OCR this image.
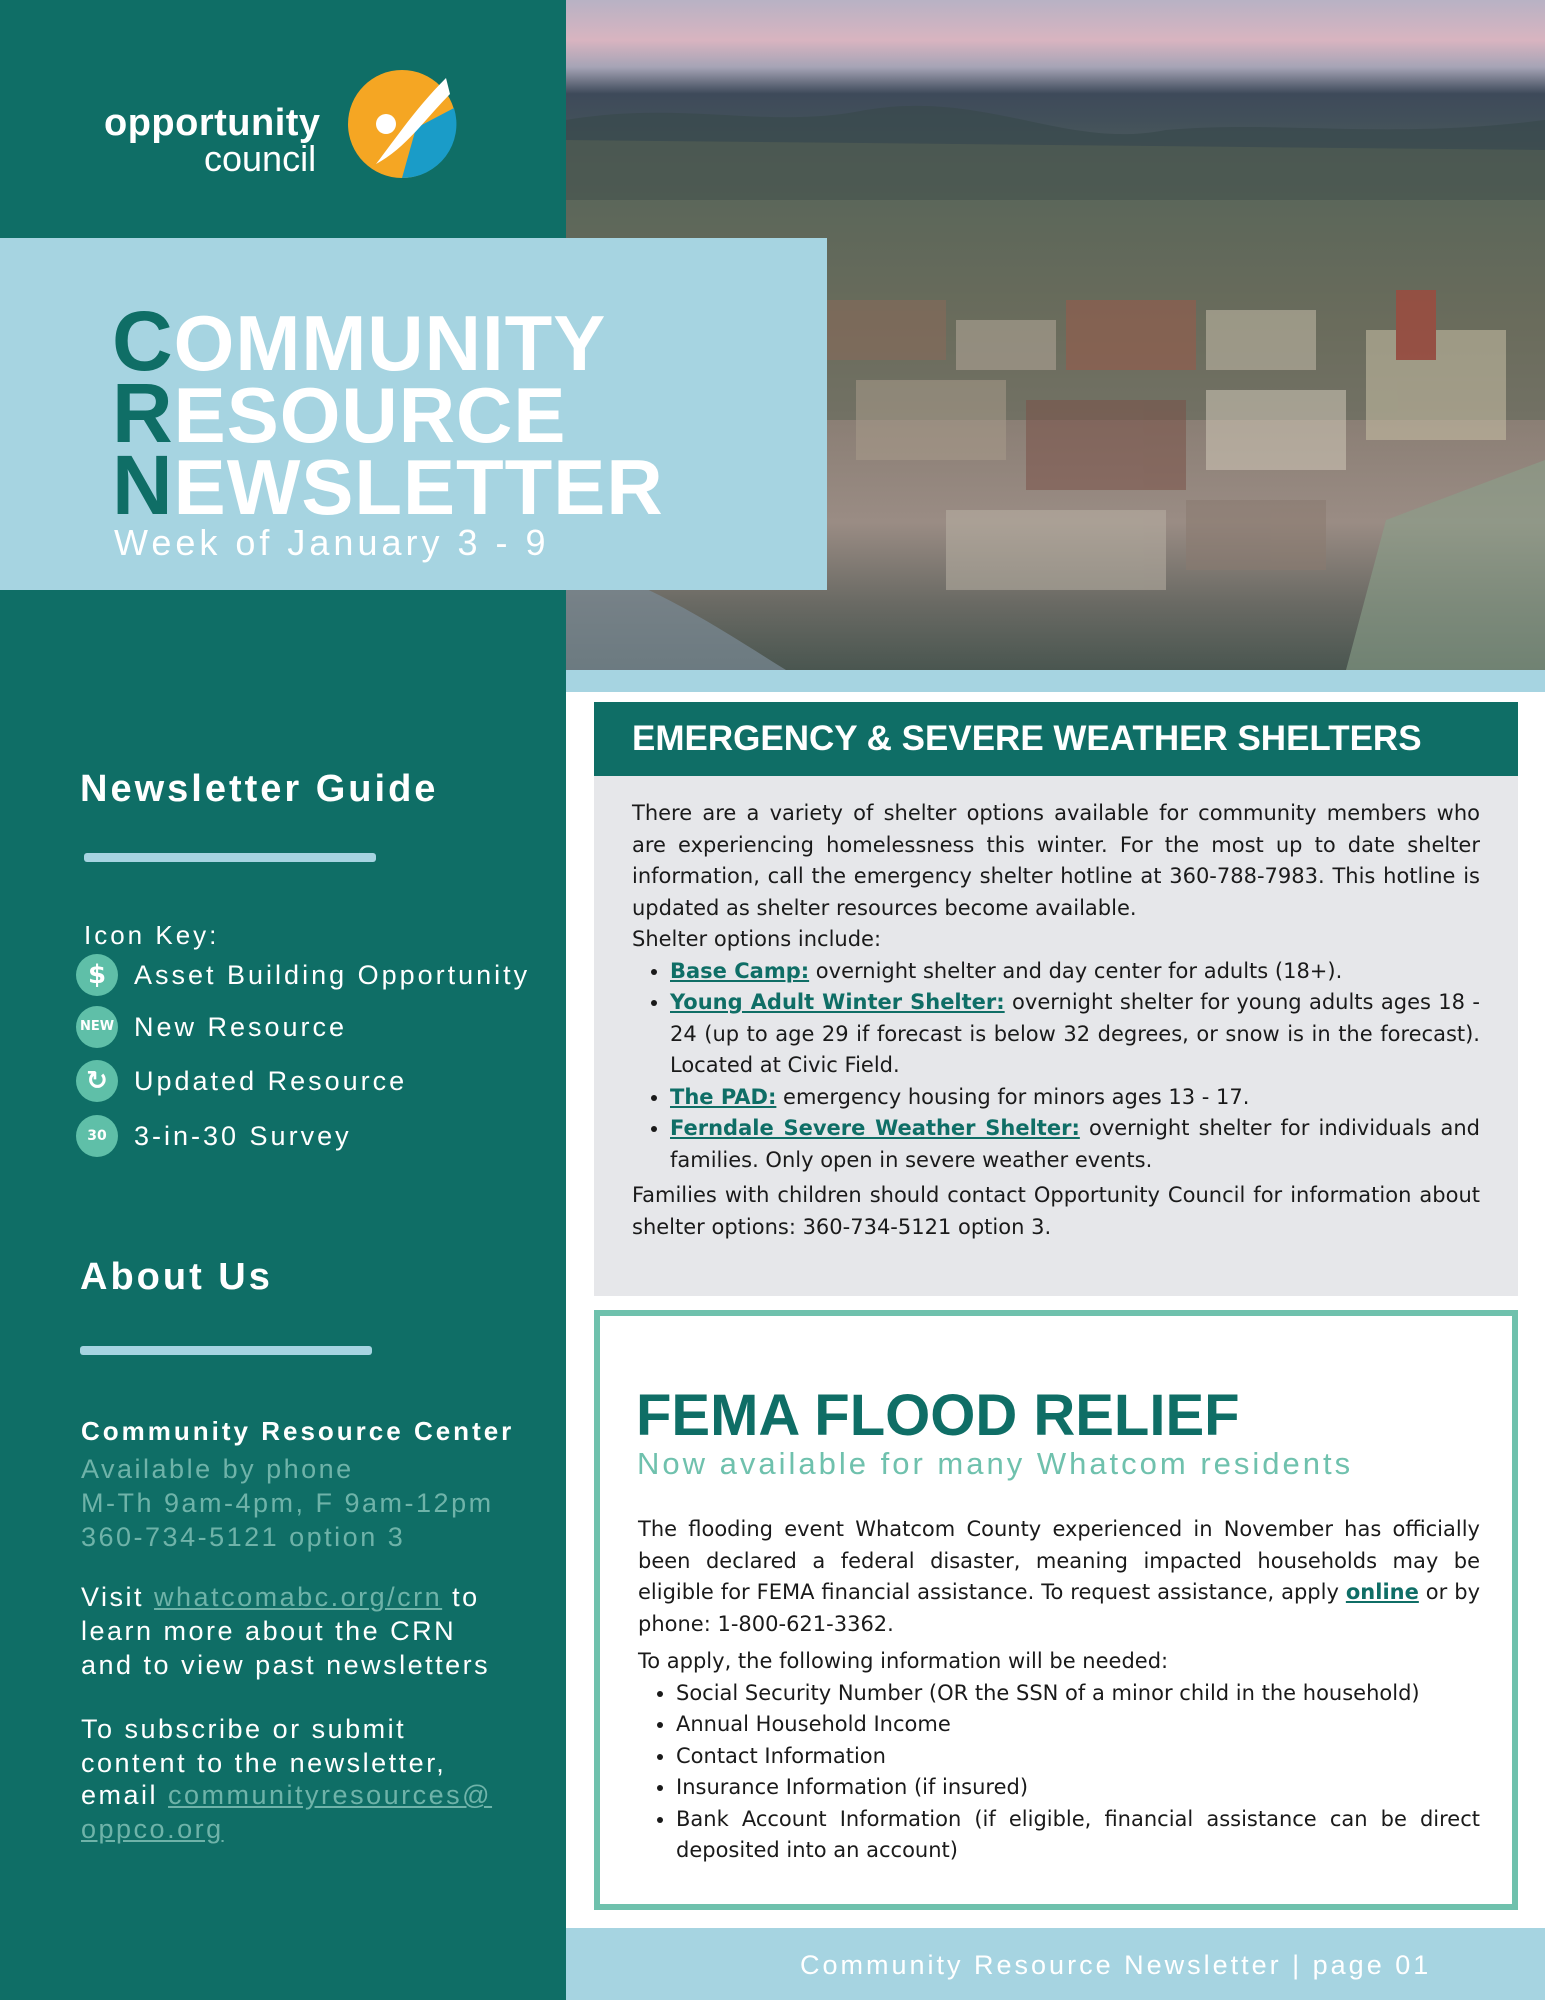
opportunity
council
COMMUNITY
RESOURCE
NEWSLETTER
Week of January 3 - 9
Newsletter Guide
Icon Key:
$	Asset Building Opportunity
NEW New Resource
↻ Updated Resource
30	3-in-30 Survey
About Us
Community Resource Center
Available by phone
M-Th 9am-4pm, F 9am-12pm
360-734-5121 option 3
Visit whatcomabc.org/crn to
learn more about the CRN
and to view past newsletters
To subscribe or submit
content to the newsletter,
email communityresources@
oppco.org
EMERGENCY & SEVERE WEATHER SHELTERS

There are a variety of shelter options available for community members who are experiencing homelessness this winter. For the most up to date shelter information, call the emergency shelter hotline at 360-788-7983. This hotline is updated as shelter resources become available.

Shelter options include:

• Base Camp: overnight shelter and day center for adults (18+).
• Young Adult Winter Shelter: overnight shelter for young adults ages 18 - 24 (up to age 29 if forecast is below 32 degrees, or snow is in the forecast). Located at Civic Field.
• The PAD: emergency housing for minors ages 13 - 17.
• Ferndale Severe Weather Shelter: overnight shelter for individuals and families. Only open in severe weather events.

Families with children should contact Opportunity Council for information about shelter options: 360-734-5121 option 3.

FEMA FLOOD RELIEF
Now available for many Whatcom residents

The flooding event Whatcom County experienced in November has officially been declared a federal disaster, meaning impacted households may be eligible for FEMA financial assistance. To request assistance, apply online or by phone: 1-800-621-3362.

To apply, the following information will be needed:

• Social Security Number (OR the SSN of a minor child in the household)
• Annual Household Income
• Contact Information
• Insurance Information (if insured)
• Bank Account Information (if eligible, financial assistance can be direct deposited into an account)
Community Resource Newsletter | page 01
